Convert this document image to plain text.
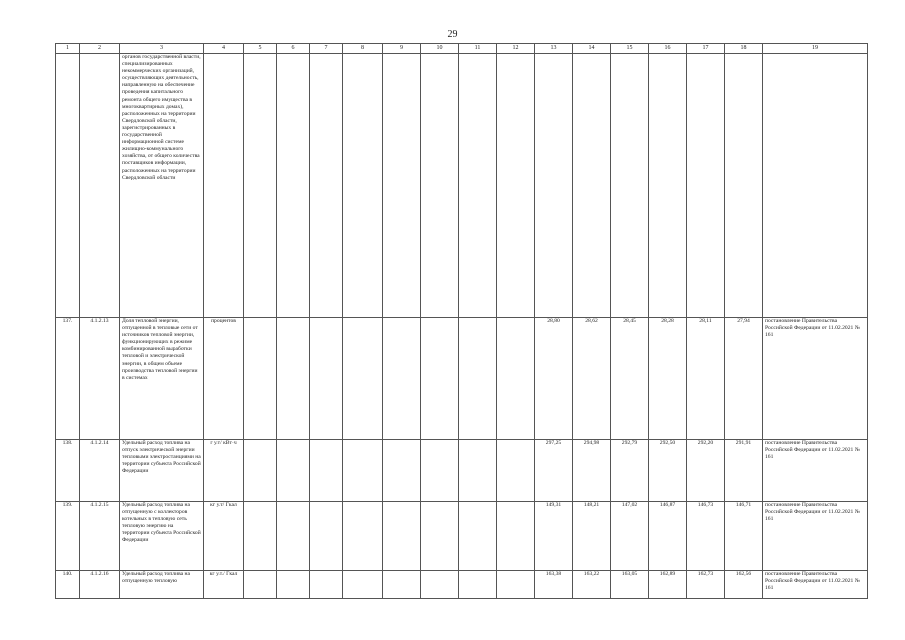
29
1	2	3	4	5	6	7	8	9	10	11	12	13	14	15	16	17	18	19
		органов государственной власти, специализированных некоммерческих организаций, осуществляющих деятельность, направленную на обеспечение проведения капитального ремонта общего имущества в многоквартирных домах), расположенных на территории Свердловской области, зарегистрированных в государственной информационной системе жилищно-коммунального хозяйства, от общего количества поставщиков информации, расположенных на территории Свердловской области																
137.	4.1.2.13	Доля тепловой энергии, отпущенной в тепловые сети от источников тепловой энергии, функционирующих в режиме комбинированной выработки тепловой и электрической энергии, в общем объеме производства тепловой энергии в системах	процентов									28,80	28,62	28,45	28,28	28,11	27,94	постановление Правительства Российской Федерации от 11.02.2021 № 161
138.	4.1.2.14	Удельный расход топлива на отпуск электрической энергии тепловыми электростанциями на территории субъекта Российской Федерации	г у.т/ кВт·ч									297,25	294,98	292,79	292,50	292,20	291,91	постановление Правительства Российской Федерации от 11.02.2021 № 161
139.	4.1.2.15	Удельный расход топлива на отпущенную с коллекторов котельных в тепловую сеть тепловую энергию на территории субъекта Российской Федерации	кг у.т/ Гкал									149,31	148,21	147,02	146,87	146,73	146,71	постановление Правительства Российской Федерации от 11.02.2021 № 161
140.	4.1.2.16	Удельный расход топлива на отпущенную тепловую	кг у.т./ Гкал									163,38	163,22	163,05	162,89	162,73	162,56	постановление Правительства Российской Федерации от 11.02.2021 № 161
